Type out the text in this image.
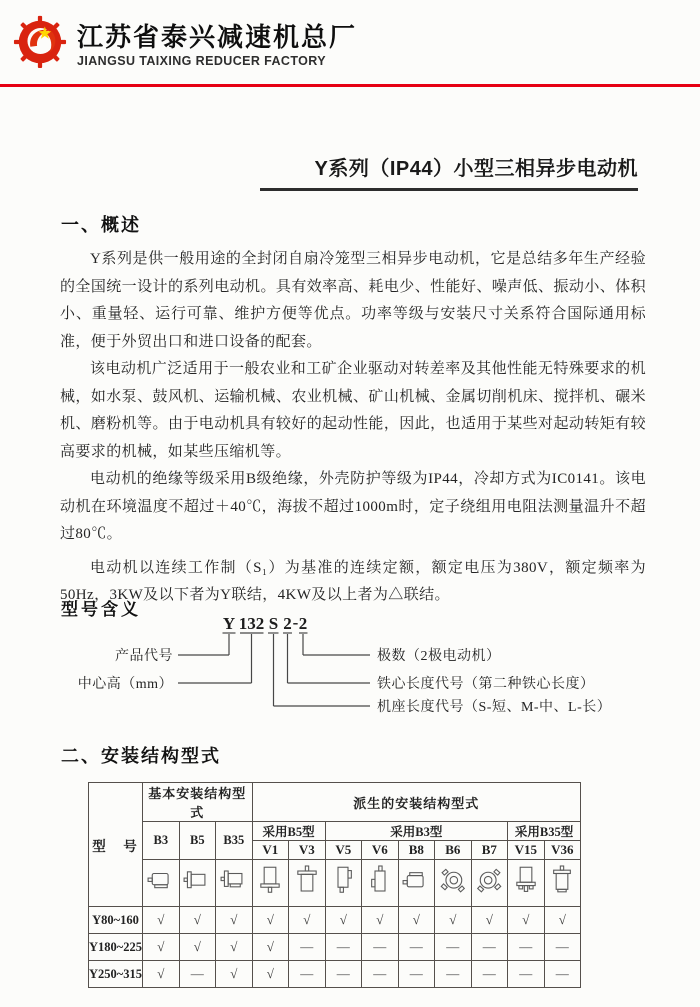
江苏省泰兴减速机总厂
JIANGSU TAIXING REDUCER FACTORY
Y系列（IP44）小型三相异步电动机
一、概述

Y系列是供一般用途的全封闭自扇冷笼型三相异步电动机，它是总结多年生产经验的全国统一设计的系列电动机。具有效率高、耗电少、性能好、噪声低、振动小、体积小、重量轻、运行可靠、维护方便等优点。功率等级与安装尺寸关系符合国际通用标准，便于外贸出口和进口设备的配套。

该电动机广泛适用于一般农业和工矿企业驱动对转差率及其他性能无特殊要求的机械，如水泵、鼓风机、运输机械、农业机械、矿山机械、金属切削机床、搅拌机、碾米机、磨粉机等。由于电动机具有较好的起动性能，因此，也适用于某些对起动转矩有较高要求的机械，如某些压缩机等。

电动机的绝缘等级采用B级绝缘，外壳防护等级为IP44，冷却方式为IC0141。该电动机在环境温度不超过＋40℃，海拔不超过1000m时，定子绕组用电阻法测量温升不超过80℃。

电动机以连续工作制（S₁）为基准的连续定额，额定电压为380V，额定频率为50Hz，3KW及以下者为Y联结，4KW及以上者为△联结。

型号含义
Y 132 S 2 - 2
产品代号
中心高（mm）
极数（2极电动机）
铁心长度代号（第二种铁心长度）
机座长度代号（S-短、M-中、L-长）
二、安装结构型式
型　号	基本安装结构型式			派生的安装结构型式								
	B3	B5	B35	采用B5型		采用B3型					采用B35型	
				V1	V3	V5	V6	B8	B6	B7	V15	V36

Y80~160	√	√	√	√	√	√	√	√	√	√	√	√
Y180~225	√	√	√	√	—	—	—	—	—	—	—	—
Y250~315	√	—	√	√	—	—	—	—	—	—	—	—
